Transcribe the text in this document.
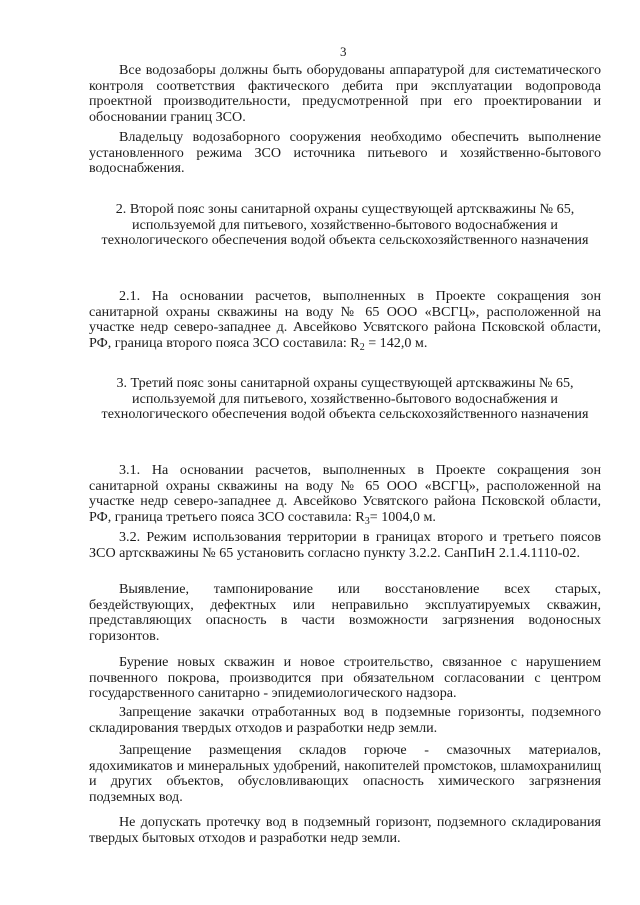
3

Все водозаборы должны быть оборудованы аппаратурой для систематического контроля соответствия фактического дебита при эксплуатации водопровода проектной производительности, предусмотренной при его проектировании и обосновании границ ЗСО.

Владельцу водозаборного сооружения необходимо обеспечить выполнение установленного режима ЗСО источника питьевого и хозяйственно-бытового водоснабжения.

2. Второй пояс зоны санитарной охраны существующей артскважины № 65, используемой для питьевого, хозяйственно-бытового водоснабжения и технологического обеспечения водой объекта сельскохозяйственного назначения

2.1. На основании расчетов, выполненных в Проекте сокращения зон санитарной охраны скважины на воду № 65 ООО «ВСГЦ», расположенной на участке недр северо-западнее д. Авсейково Усвятского района Псковской области, РФ, граница второго пояса ЗСО составила: $R_2 = 142,0$ м.

3. Третий пояс зоны санитарной охраны существующей артскважины № 65, используемой для питьевого, хозяйственно-бытового водоснабжения и технологического обеспечения водой объекта сельскохозяйственного назначения

3.1. На основании расчетов, выполненных в Проекте сокращения зон санитарной охраны скважины на воду № 65 ООО «ВСГЦ», расположенной на участке недр северо-западнее д. Авсейково Усвятского района Псковской области, РФ, граница третьего пояса ЗСО составила: $R_3= 1004,0$ м.

3.2. Режим использования территории в границах второго и третьего поясов ЗСО артскважины № 65 установить согласно пункту 3.2.2. СанПиН 2.1.4.1110-02.

Выявление, тампонирование или восстановление всех старых, бездействующих, дефектных или неправильно эксплуатируемых скважин, представляющих опасность в части возможности загрязнения водоносных горизонтов.

Бурение новых скважин и новое строительство, связанное с нарушением почвенного покрова, производится при обязательном согласовании с центром государственного санитарно - эпидемиологического надзора.

Запрещение закачки отработанных вод в подземные горизонты, подземного складирования твердых отходов и разработки недр земли.

Запрещение размещения складов горюче - смазочных материалов, ядохимикатов и минеральных удобрений, накопителей промстоков, шламохранилищ и других объектов, обусловливающих опасность химического загрязнения подземных вод.

Не допускать протечку вод в подземный горизонт, подземного складирования твердых бытовых отходов и разработки недр земли.
